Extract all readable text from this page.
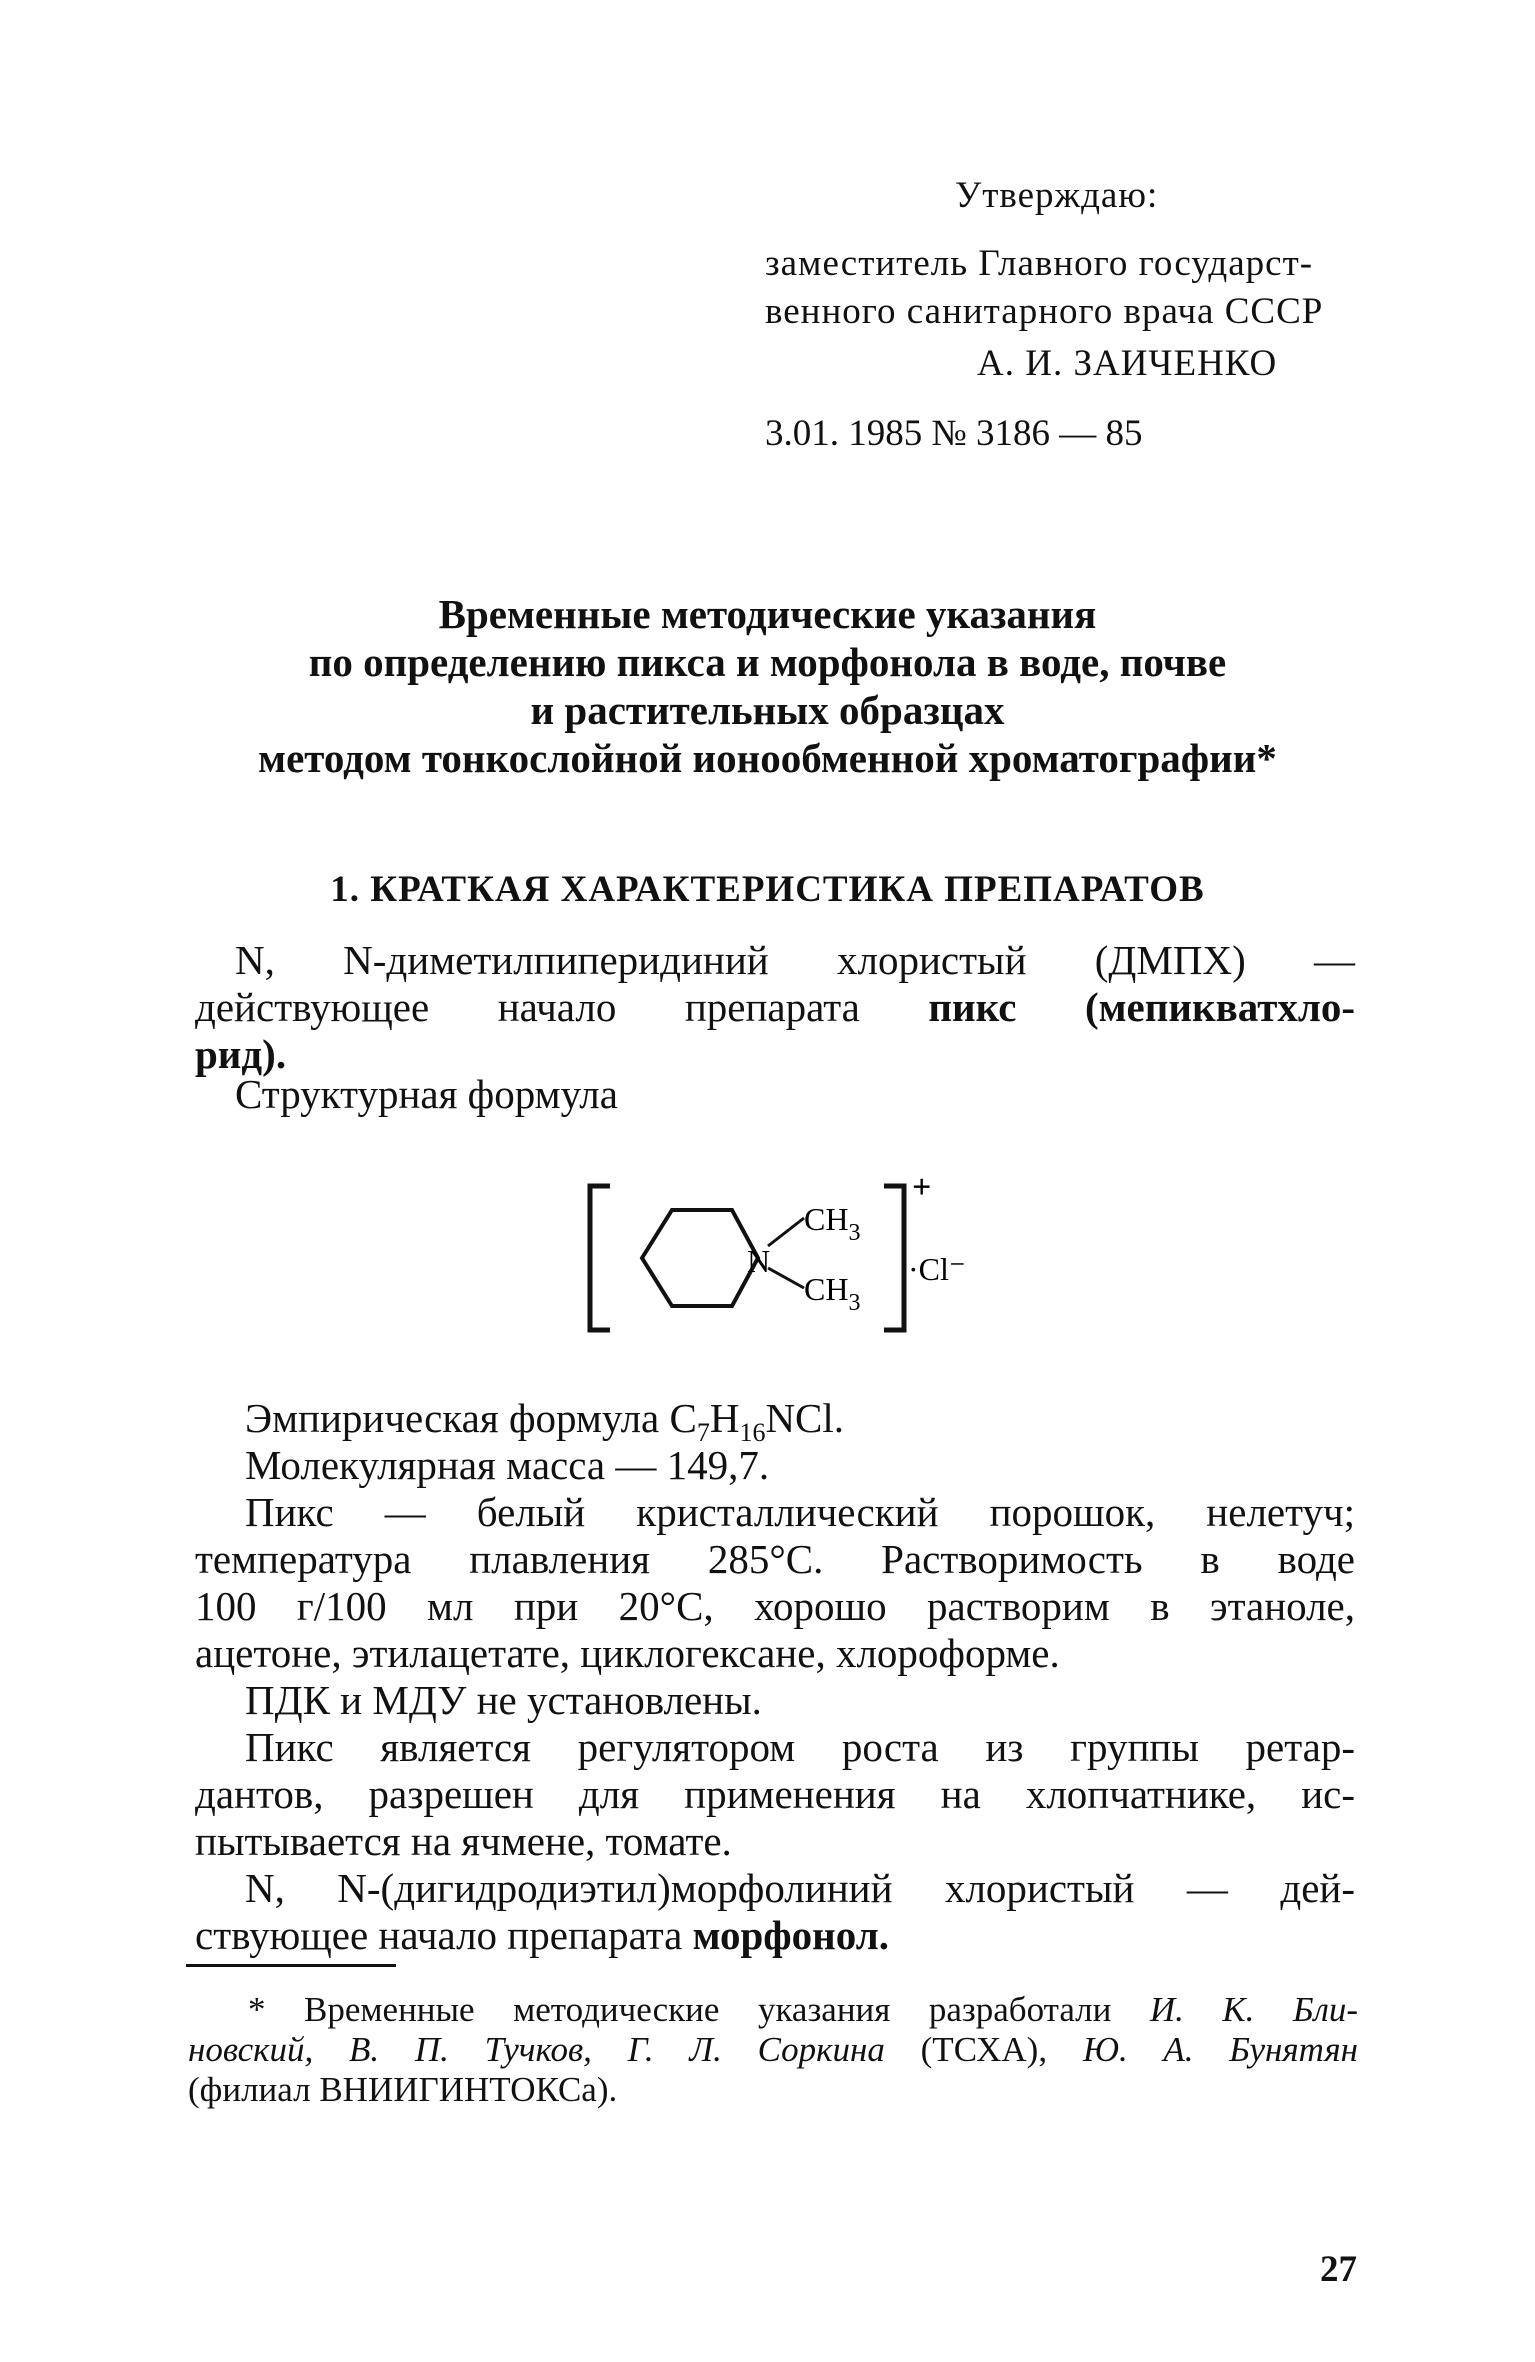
Утверждаю:
заместитель Главного государст-
венного санитарного врача СССР
А. И. ЗАИЧЕНКО
3.01. 1985 № 3186 — 85
Временные методические указания
по определению пикса и морфонола в воде, почве
и растительных образцах
методом тонкослойной ионообменной хроматографии*
1. КРАТКАЯ ХАРАКТЕРИСТИКА ПРЕПАРАТОВ
N, N-диметилпиперидиний хлористый (ДМПХ) —
действующее начало препарата пикс (мепикватхло-
рид).
Структурная формула
N
$CH_3$
$CH_3$
+
·Cl⁻
Эмпирическая формула $C_7H_{16}NCl$.
Молекулярная масса — 149,7.
Пикс — белый кристаллический порошок, нелетуч;
температура плавления 285°С. Растворимость в воде
100 г/100 мл при 20°С, хорошо растворим в этаноле,
ацетоне, этилацетате, циклогексане, хлороформе.
ПДК и МДУ не установлены.
Пикс является регулятором роста из группы ретар-
дантов, разрешен для применения на хлопчатнике, ис-
пытывается на ячмене, томате.
N, N-(дигидродиэтил)морфолиний хлористый — дей-
ствующее начало препарата морфонол.
* Временные методические указания разработали И. К. Бли-
новский, В. П. Тучков, Г. Л. Соркина (ТСХА), Ю. А. Бунятян
(филиал ВНИИГИНТОКСа).
27
